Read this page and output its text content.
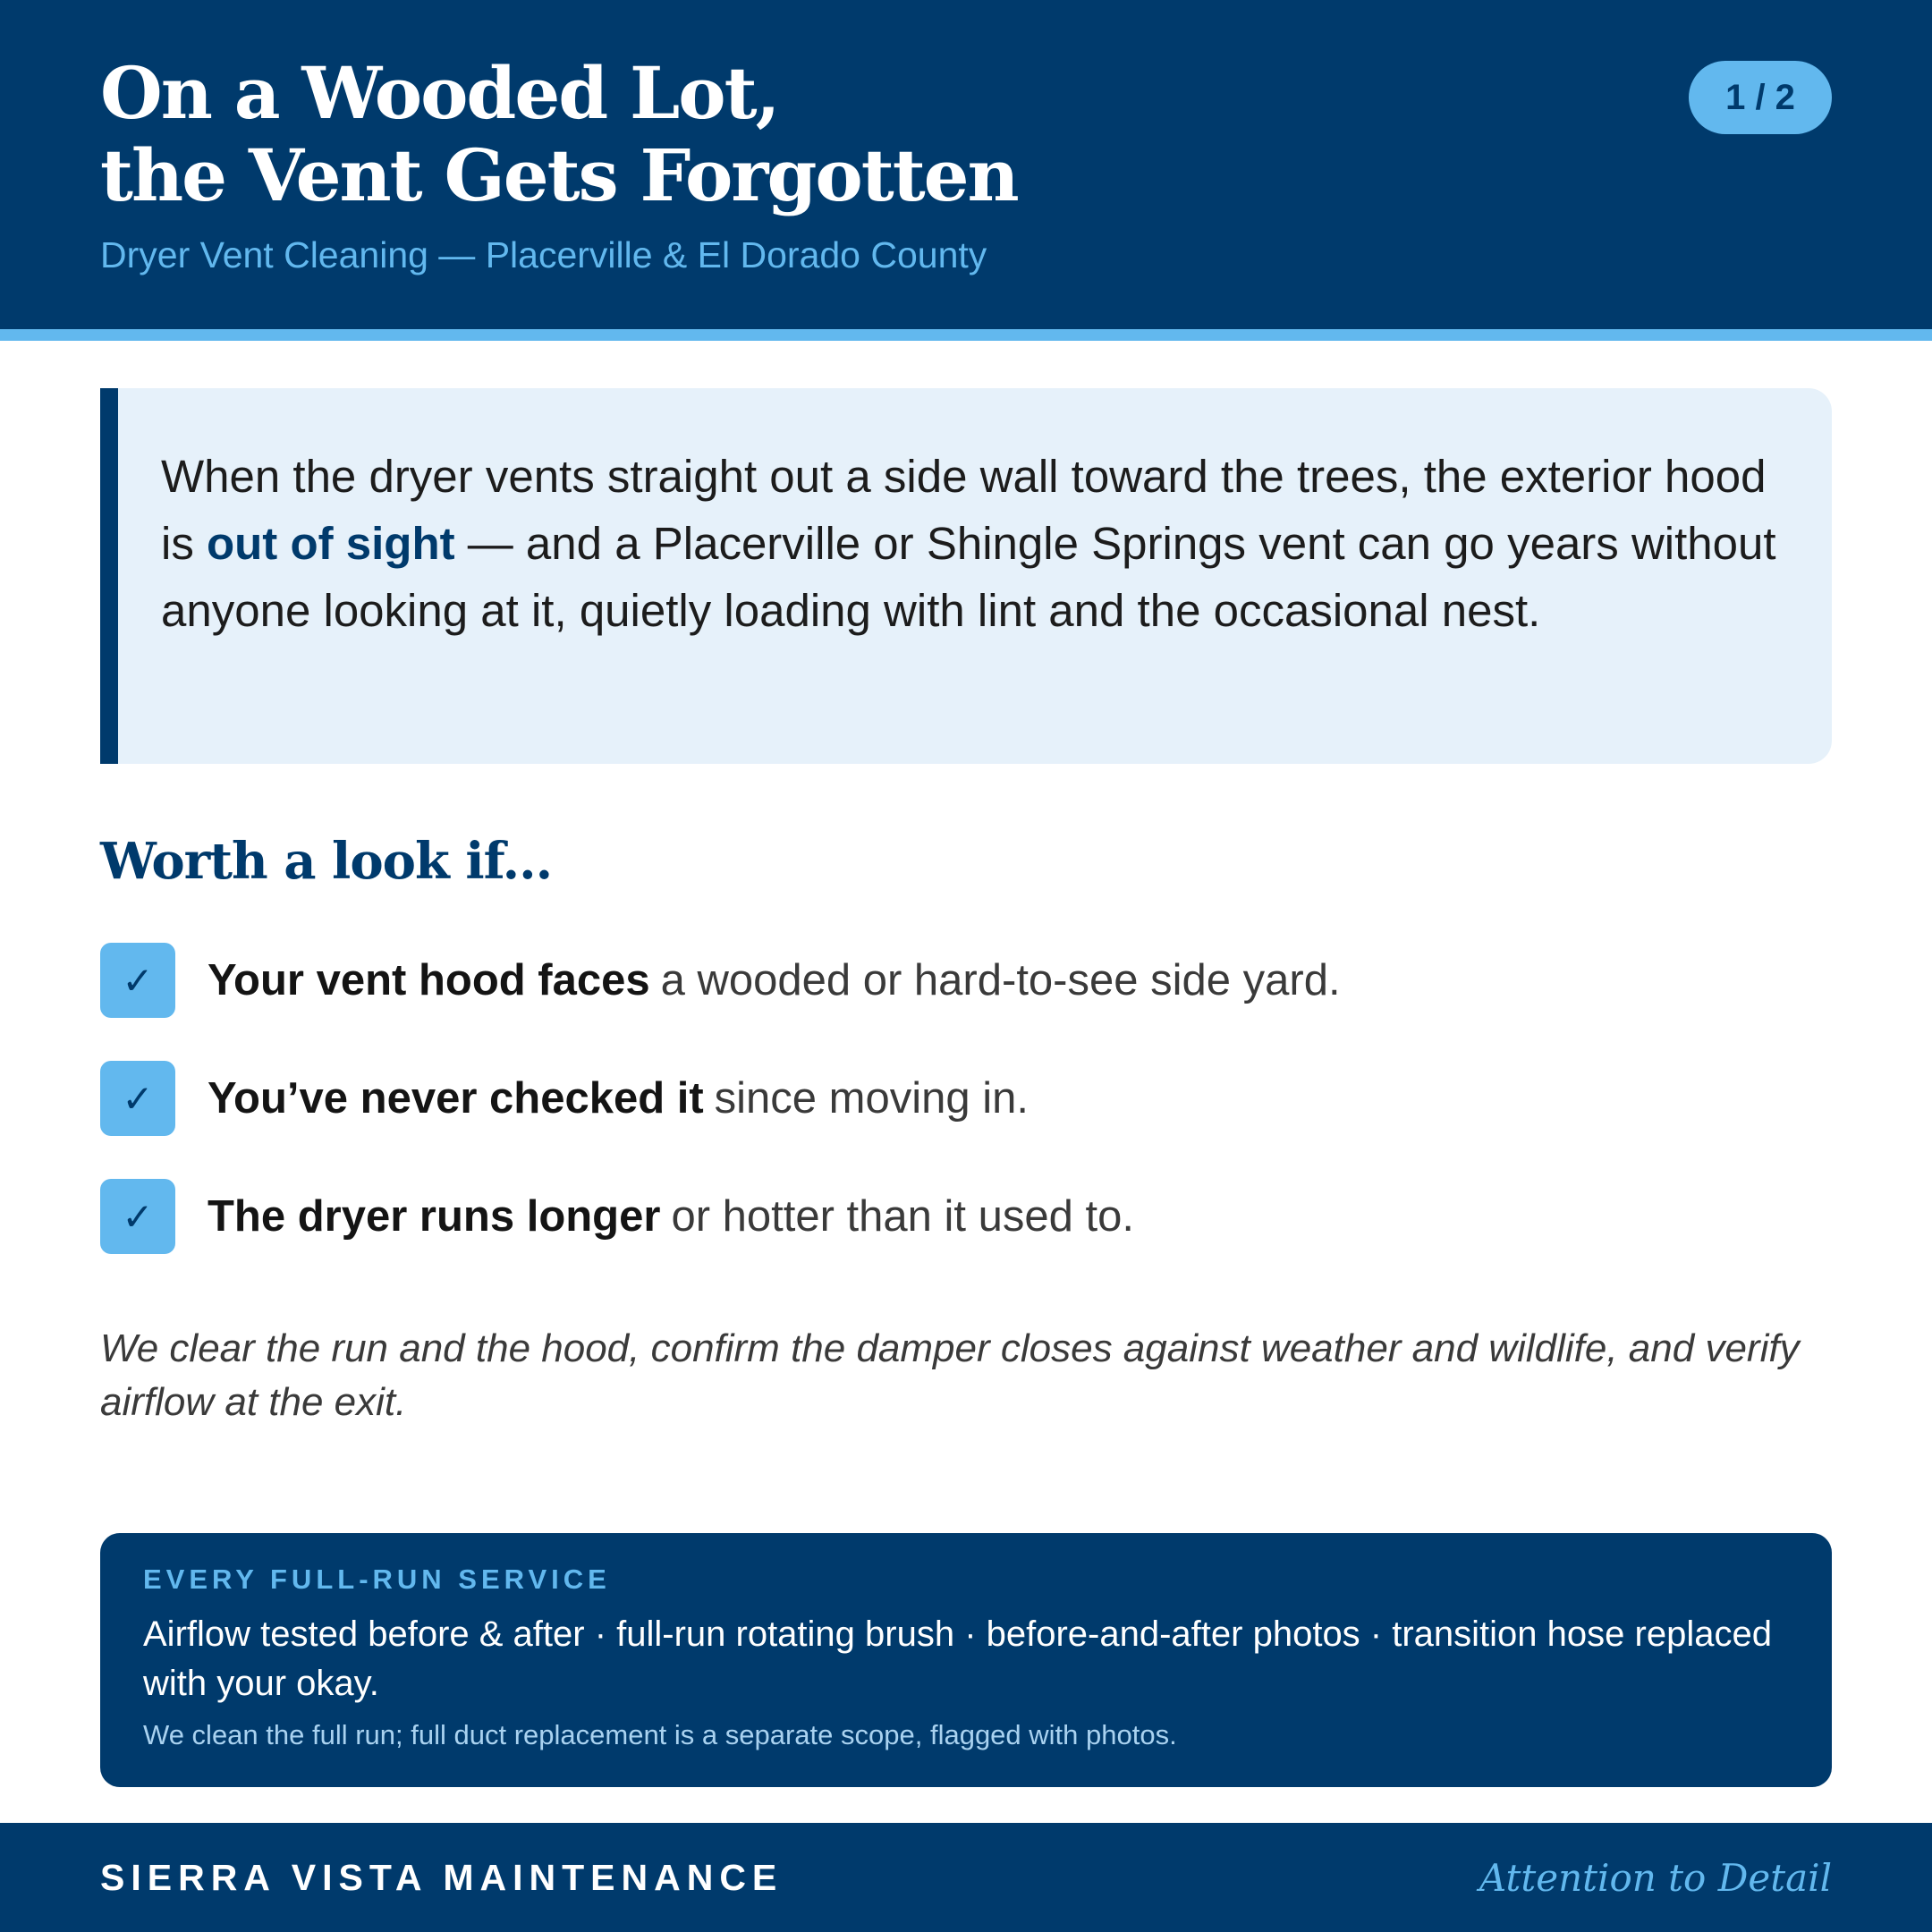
On a Wooded Lot,
the Vent Gets Forgotten
Dryer Vent Cleaning — Placerville & El Dorado County
1 / 2

When the dryer vents straight out a side wall toward the trees, the exterior hood is out of sight — and a Placerville or Shingle Springs vent can go years without anyone looking at it, quietly loading with lint and the occasional nest.

Worth a look if...
✓	Your vent hood faces a wooded or hard-to-see side yard.
✓	You’ve never checked it since moving in.
✓	The dryer runs longer or hotter than it used to.

We clear the run and the hood, confirm the damper closes against weather and wildlife, and verify airflow at the exit.

EVERY FULL-RUN SERVICE

Airflow tested before & after · full-run rotating brush · before-and-after photos · transition hose replaced with your okay.

We clean the full run; full duct replacement is a separate scope, flagged with photos.
SIERRA VISTA MAINTENANCE	Attention to Detail
